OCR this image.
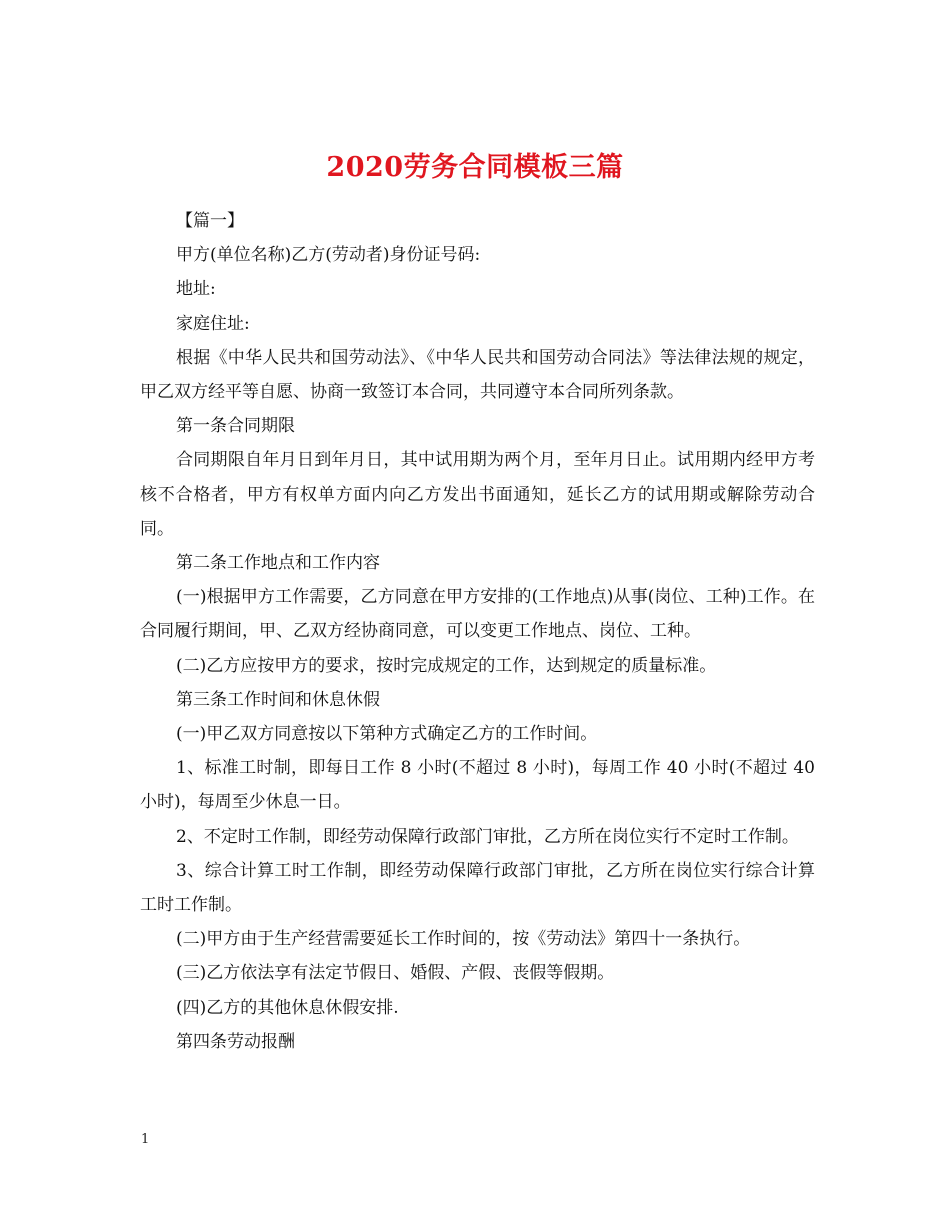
2020劳务合同模板三篇

【篇一】

甲方(单位名称)乙方(劳动者)身份证号码:

地址:

家庭住址:

根据《中华人民共和国劳动法》、《中华人民共和国劳动合同法》等法律法规的规定，甲乙双方经平等自愿、协商一致签订本合同，共同遵守本合同所列条款。

第一条合同期限

合同期限自年月日到年月日，其中试用期为两个月，至年月日止。试用期内经甲方考核不合格者，甲方有权单方面内向乙方发出书面通知，延长乙方的试用期或解除劳动合同。

第二条工作地点和工作内容

(一)根据甲方工作需要，乙方同意在甲方安排的(工作地点)从事(岗位、工种)工作。在合同履行期间，甲、乙双方经协商同意，可以变更工作地点、岗位、工种。

(二)乙方应按甲方的要求，按时完成规定的工作，达到规定的质量标准。

第三条工作时间和休息休假

(一)甲乙双方同意按以下第种方式确定乙方的工作时间。

1、标准工时制，即每日工作 8 小时(不超过 8 小时)，每周工作 40 小时(不超过 40 小时)，每周至少休息一日。

2、不定时工作制，即经劳动保障行政部门审批，乙方所在岗位实行不定时工作制。

3、综合计算工时工作制，即经劳动保障行政部门审批，乙方所在岗位实行综合计算工时工作制。

(二)甲方由于生产经营需要延长工作时间的，按《劳动法》第四十一条执行。

(三)乙方依法享有法定节假日、婚假、产假、丧假等假期。

(四)乙方的其他休息休假安排.

第四条劳动报酬

1
